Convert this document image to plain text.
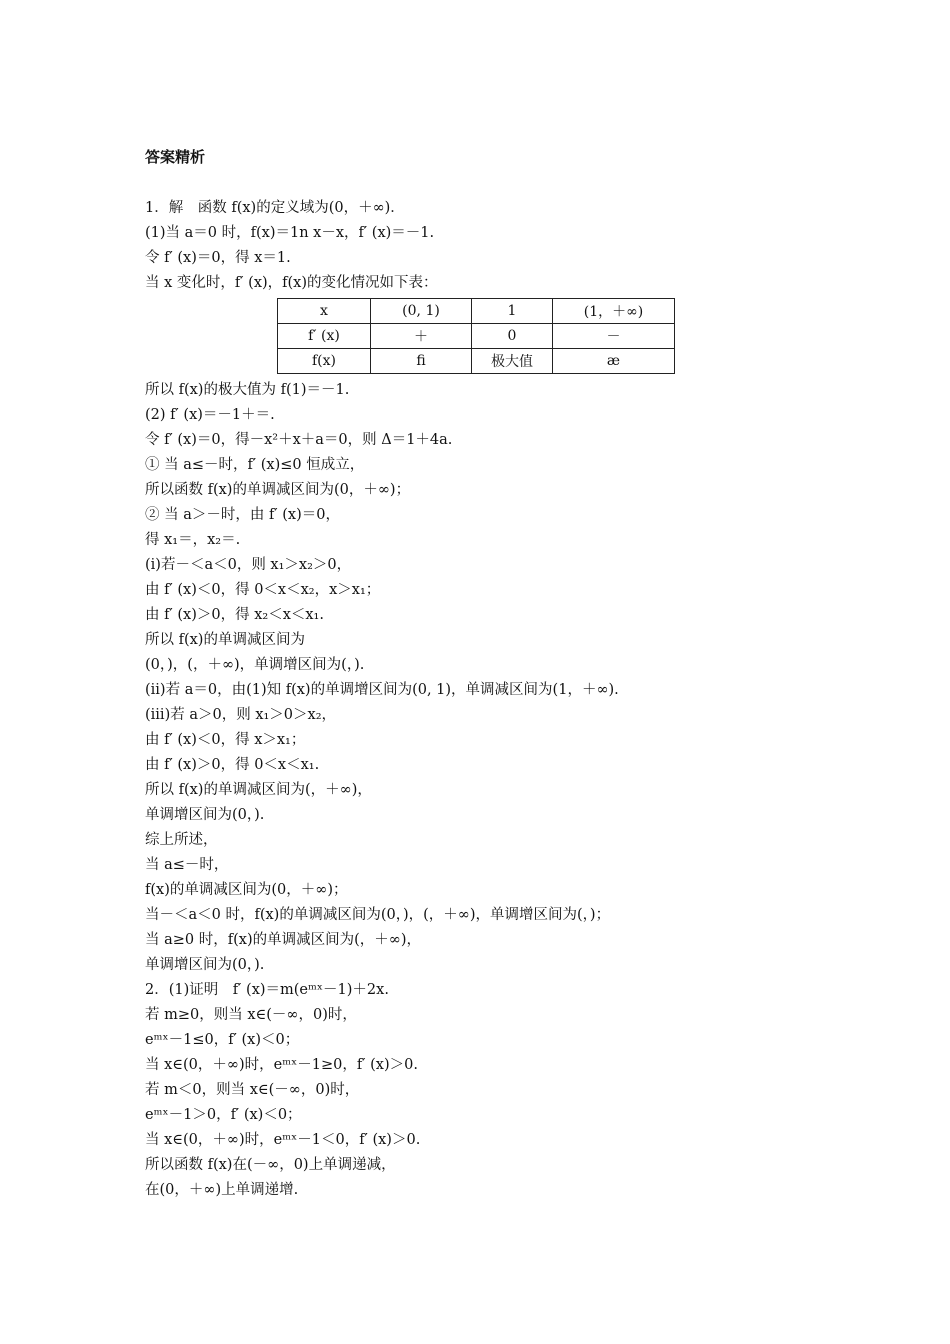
答案精析
1．解　函数 f(x)的定义域为(0，＋∞)．
(1)当 a＝0 时，f(x)＝1n x－x，f′ (x)＝－1.
令 f′ (x)＝0，得 x＝1.
当 x 变化时，f′ (x)，f(x)的变化情况如下表：
x	(0, 1)	1	(1，＋∞)
f′ (x)	＋	0	－
f(x)	ﬁ	极大值	æ
所以 f(x)的极大值为 f(1)＝－1.
(2) f′ (x)＝－1＋＝.
令 f′ (x)＝0，得－x²＋x＋a＝0，则 Δ＝1＋4a.
① 当 a≤－时，f′ (x)≤0 恒成立，
所以函数 f(x)的单调减区间为(0，＋∞)；
② 当 a＞－时，由 f′ (x)＝0，
得 x₁＝，x₂＝.
(i)若－＜a＜0，则 x₁＞x₂＞0，
由 f′ (x)＜0，得 0＜x＜x₂，x＞x₁；
由 f′ (x)＞0，得 x₂＜x＜x₁.
所以 f(x)的单调减区间为
(0，)，(，＋∞)，单调增区间为(，).
(ii)若 a＝0，由(1)知 f(x)的单调增区间为(0, 1)，单调减区间为(1，＋∞).
(iii)若 a＞0，则 x₁＞0＞x₂，
由 f′ (x)＜0，得 x＞x₁；
由 f′ (x)＞0，得 0＜x＜x₁.
所以 f(x)的单调减区间为(，＋∞)，
单调增区间为(0，).
综上所述，
当 a≤－时，
f(x)的单调减区间为(0，＋∞)；
当－＜a＜0 时，f(x)的单调减区间为(0，)，(，＋∞)，单调增区间为(，)；
当 a≥0 时，f(x)的单调减区间为(，＋∞)，
单调增区间为(0，).
2．(1)证明　f′ (x)＝m(eᵐˣ－1)＋2x.
若 m≥0，则当 x∈(－∞，0)时，
eᵐˣ－1≤0，f′ (x)＜0；
当 x∈(0，＋∞)时，eᵐˣ－1≥0，f′ (x)＞0.
若 m＜0，则当 x∈(－∞，0)时，
eᵐˣ－1＞0，f′ (x)＜0；
当 x∈(0，＋∞)时，eᵐˣ－1＜0，f′ (x)＞0.
所以函数 f(x)在(－∞，0)上单调递减，
在(0，＋∞)上单调递增.
